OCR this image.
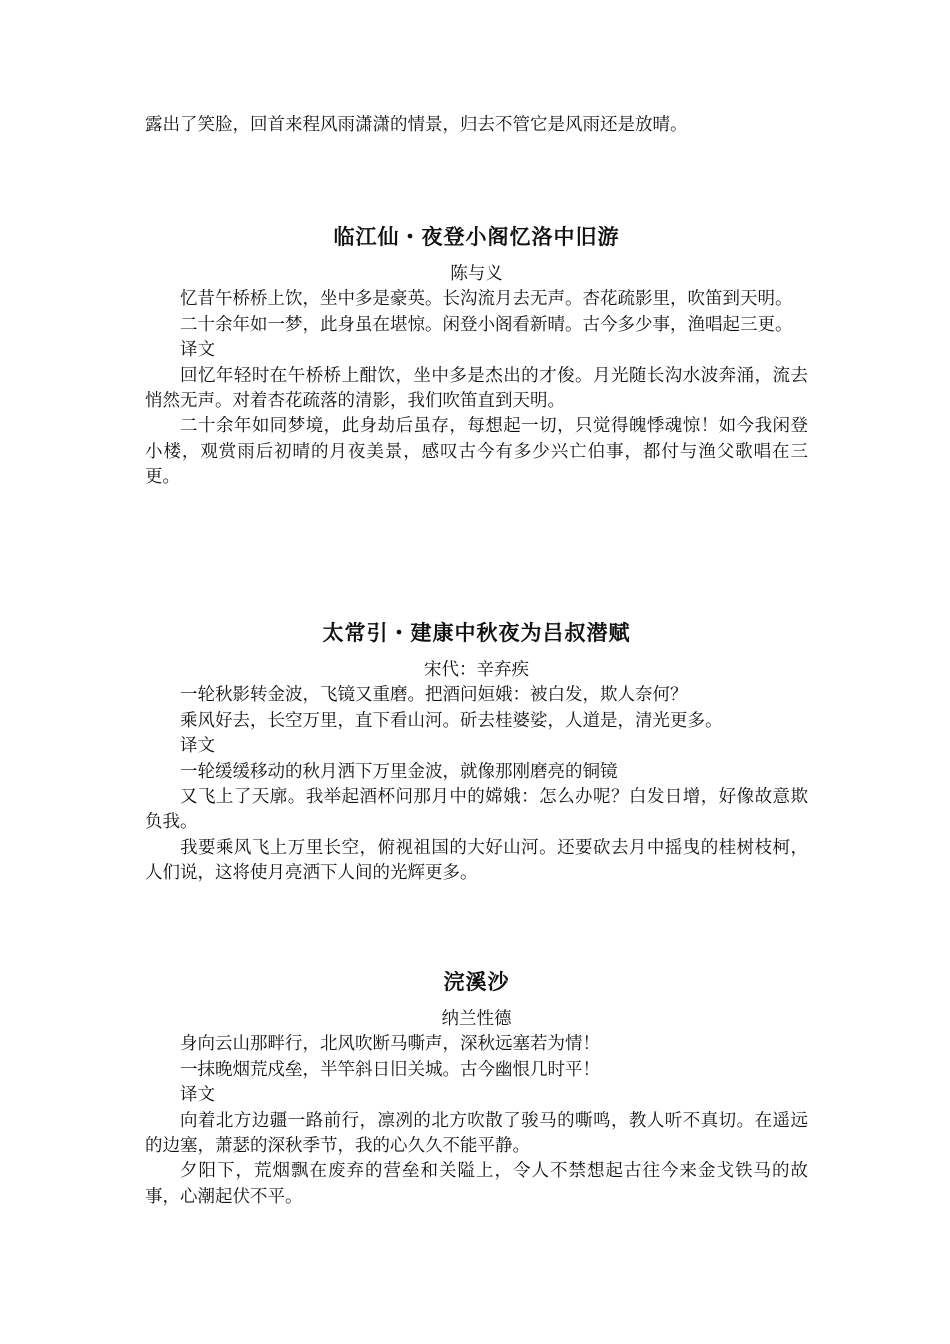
露出了笑脸，回首来程风雨潇潇的情景，归去不管它是风雨还是放晴。

临江仙・夜登小阁忆洛中旧游

陈与义

忆昔午桥桥上饮，坐中多是豪英。长沟流月去无声。杏花疏影里，吹笛到天明。

二十余年如一梦，此身虽在堪惊。闲登小阁看新晴。古今多少事，渔唱起三更。

译文

回忆年轻时在午桥桥上酣饮，坐中多是杰出的才俊。月光随长沟水波奔涌，流去悄然无声。对着杏花疏落的清影，我们吹笛直到天明。

二十余年如同梦境，此身劫后虽存，每想起一切，只觉得魄悸魂惊！如今我闲登小楼，观赏雨后初晴的月夜美景，感叹古今有多少兴亡伯事，都付与渔父歌唱在三更。

太常引・建康中秋夜为吕叔潜赋

宋代：辛弃疾

一轮秋影转金波，飞镜又重磨。把酒问姮娥：被白发，欺人奈何？

乘风好去，长空万里，直下看山河。斫去桂婆娑，人道是，清光更多。

译文

一轮缓缓移动的秋月洒下万里金波，就像那刚磨亮的铜镜

又飞上了天廓。我举起酒杯问那月中的嫦娥：怎么办呢？白发日增，好像故意欺负我。

我要乘风飞上万里长空，俯视祖国的大好山河。还要砍去月中摇曳的桂树枝柯，人们说，这将使月亮洒下人间的光辉更多。

浣溪沙

纳兰性德

身向云山那畔行，北风吹断马嘶声，深秋远塞若为情！

一抹晚烟荒戍垒，半竿斜日旧关城。古今幽恨几时平！

译文

向着北方边疆一路前行，凛冽的北方吹散了骏马的嘶鸣，教人听不真切。在遥远的边塞，萧瑟的深秋季节，我的心久久不能平静。

夕阳下，荒烟飘在废弃的营垒和关隘上，令人不禁想起古往今来金戈铁马的故事，心潮起伏不平。
